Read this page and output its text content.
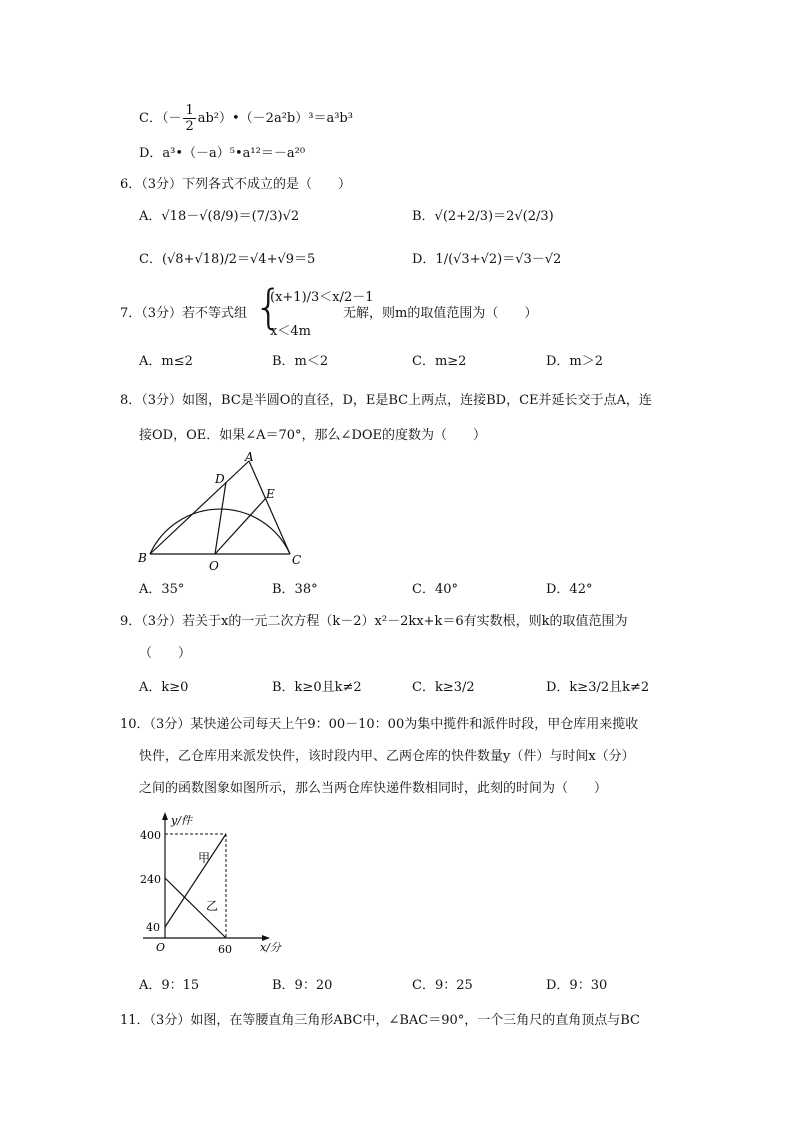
C．（－ $\frac{1}{2}$ ab²）•（－2a²b）³＝a³b³
D．a³•（－a）⁵•a¹²＝－a²⁰
6．（3分）下列各式不成立的是（　　）
A．√18－√(8/9)＝(7/3)√2	B．√(2+2/3)＝2√(2/3)
C．(√8+√18)/2＝√4+√9＝5	D．1/(√3+√2)＝√3－√2
7．（3分）若不等式组 {
(x+1)/3＜x/2－1
x＜4m
无解，则m的取值范围为（　　）
A．m≤2	B．m＜2	C．m≥2	D．m＞2
8．（3分）如图，BC是半圆O的直径，D，E是BC上两点，连接BD，CE并延长交于点A，连
接OD，OE．如果∠A＝70°，那么∠DOE的度数为（　　）
A
B	C
D
E
O
A．35°	B．38°	C．40°	D．42°
9．（3分）若关于x的一元二次方程（k－2）x²－2kx+k＝6有实数根，则k的取值范围为
（　　）
A．k≥0	B．k≥0且k≠2	C．k≥3/2	D．k≥3/2且k≠2
10．（3分）某快递公司每天上午9：00－10：00为集中揽件和派件时段，甲仓库用来揽收
快件，乙仓库用来派发快件，该时段内甲、乙两仓库的快件数量y（件）与时间x（分）
之间的函数图象如图所示，那么当两仓库快递件数相同时，此刻的时间为（　　）
y/件
400
240
40
O	60	x/分
甲
乙
A．9：15	B．9：20	C．9：25	D．9：30
11．（3分）如图，在等腰直角三角形ABC中，∠BAC＝90°，一个三角尺的直角顶点与BC
